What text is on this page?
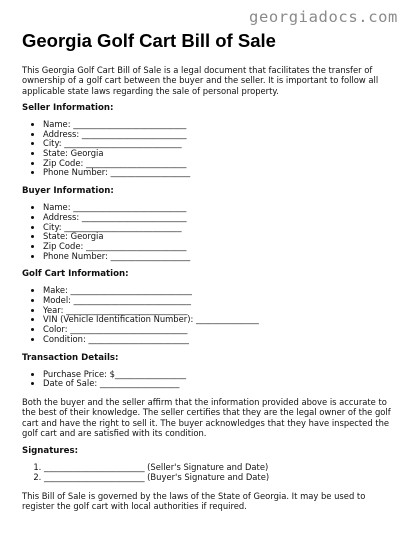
georgiadocs.com
Georgia Golf Cart Bill of Sale

This Georgia Golf Cart Bill of Sale is a legal document that facilitates the transfer of ownership of a golf cart between the buyer and the seller. It is important to follow all applicable state laws regarding the sale of personal property.

Seller Information:
• Name: ___________________________
• Address: _________________________
• City: ____________________________
• State: Georgia
• Zip Code: ________________________
• Phone Number: ___________________
Buyer Information:
• Name: ___________________________
• Address: _________________________
• City: ____________________________
• State: Georgia
• Zip Code: ________________________
• Phone Number: ___________________
Golf Cart Information:
• Make: _____________________________
• Model: ____________________________
• Year: _____________________________
• VIN (Vehicle Identification Number): _______________
• Color: ____________________________
• Condition: ________________________
Transaction Details:
• Purchase Price: $_________________
• Date of Sale: ___________________

Both the buyer and the seller affirm that the information provided above is accurate to the best of their knowledge. The seller certifies that they are the legal owner of the golf cart and have the right to sell it. The buyer acknowledges that they have inspected the golf cart and are satisfied with its condition.

Signatures:
1. ________________________ (Seller's Signature and Date)
2. ________________________ (Buyer's Signature and Date)

This Bill of Sale is governed by the laws of the State of Georgia. It may be used to register the golf cart with local authorities if required.
